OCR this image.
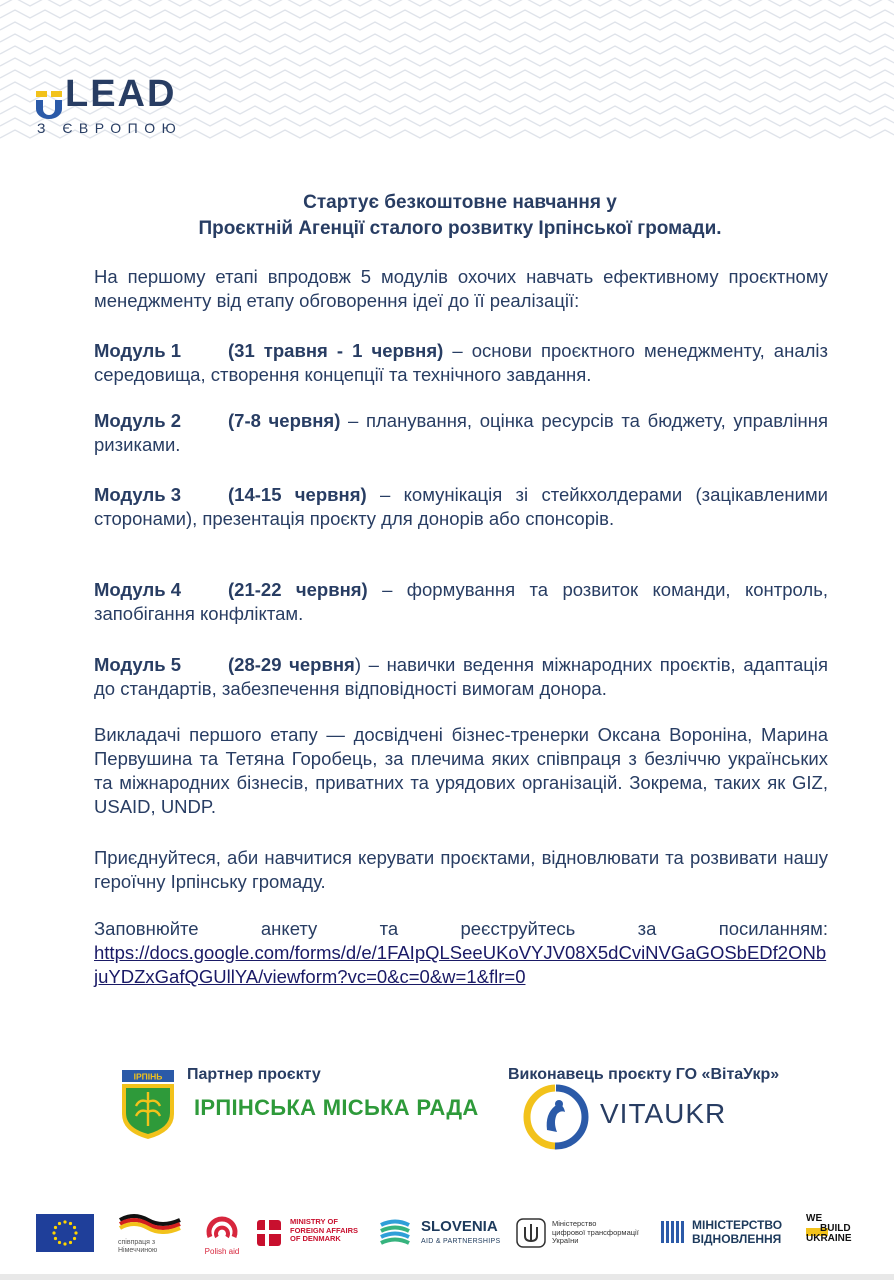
LEAD
З ЄВРОПОЮ
Стартує безкоштовне навчання у
Проєктній Агенції сталого розвитку Ірпінської громади.
На першому етапі впродовж 5 модулів охочих навчать ефективному проєктному менеджменту від етапу обговорення ідеї до її реалізації:
Модуль 1	(31 травня - 1 червня) – основи проєктного менеджменту, аналіз середовища, створення концепції та технічного завдання.
Модуль 2	(7-8 червня) – планування, оцінка ресурсів та бюджету, управління ризиками.
Модуль 3	(14-15 червня) – комунікація зі стейкхолдерами (зацікавленими сторонами), презентація проєкту для донорів або спонсорів.
Модуль 4	(21-22 червня) – формування та розвиток команди, контроль, запобігання конфліктам.
Модуль 5	(28-29 червня) – навички ведення міжнародних проєктів, адаптація до стандартів, забезпечення відповідності вимогам донора.
Викладачі першого етапу — досвідчені бізнес-тренерки Оксана Вороніна, Марина Первушина та Тетяна Горобець, за плечима яких співпраця з безліччю українських та міжнародних бізнесів, приватних та урядових організацій. Зокрема, таких як GIZ, USAID, UNDP.
Приєднуйтеся, аби навчитися керувати проєктами, відновлювати та розвивати нашу героїчну Ірпінську громаду.
Заповнюйте анкету та реєструйтесь за посиланням:
https://docs.google.com/forms/d/e/1FAIpQLSeeUKoVYJV08X5dCviNVGaGOSbEDf2ONbjuYDZxGafQGUllYA/viewform?vc=0&c=0&w=1&flr=0
ІРПІНЬ Партнер проєкту
ІРПІНСЬКА МІСЬКА РАДА
Виконавець проєкту ГО «ВітаУкр»
VITAUKR
співпраця з Німеччиною	Polish aid
MINISTRY OF
FOREIGN AFFAIRS
OF DENMARK
SLOVENIA
AID & PARTNERSHIPS
Міністерство
цифрової трансформації
України
МІНІСТЕРСТВО
ВІДНОВЛЕННЯ
WE
BUILD
UKRAINE
